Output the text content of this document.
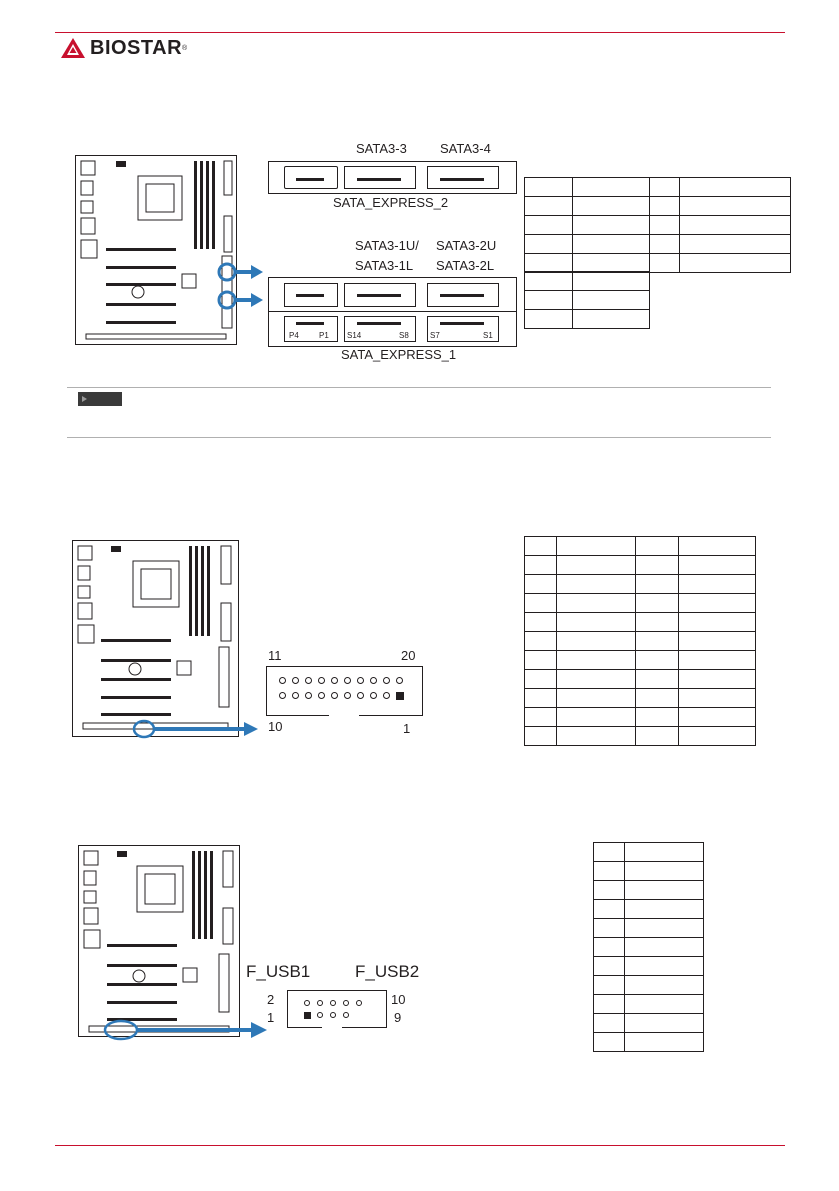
BIOSTAR ®
SATA3-3	SATA3-4
SATA_EXPRESS_2
SATA3-1U/ SATA3-2U
SATA3-1L SATA3-2L
P4	P1 S14	S8	S7	S1
SATA_EXPRESS_1

11	20
10	1

F_USB1	F_USB2
2
1
10
9
